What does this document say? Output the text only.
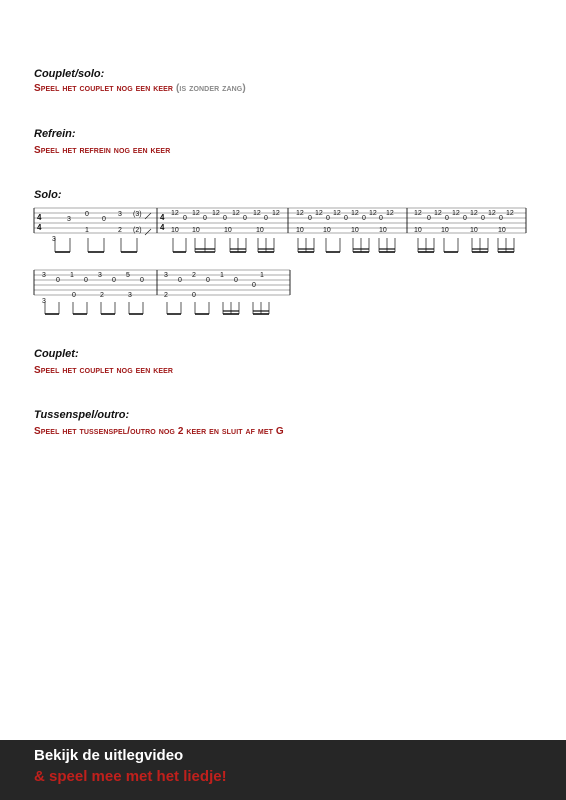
Couplet/solo:
Speel het couplet nog een keer (is zonder zang)
Refrein:
Speel het refrein nog een keer
Solo:
4
4
4
4
3
3
0
1
0
3
2
(3)
(2)
12
0
12
0
12
0
12
0
12
0
12
10 10	10	10
12
0
12
0
12
0
12
0
12
0
12
10	10	10	10
12
0
12
0
12
0
12
0
12
0
12
10	10	10	10
3
0
1
0
3
0
5
0
0	2	3
3
3
0
2
0
1
0
1
0
2	0
Couplet:
Speel het couplet nog een keer
Tussenspel/outro:
Speel het tussenspel/outro nog 2 keer en sluit af met G
Bekijk de uitlegvideo
& speel mee met het liedje!
